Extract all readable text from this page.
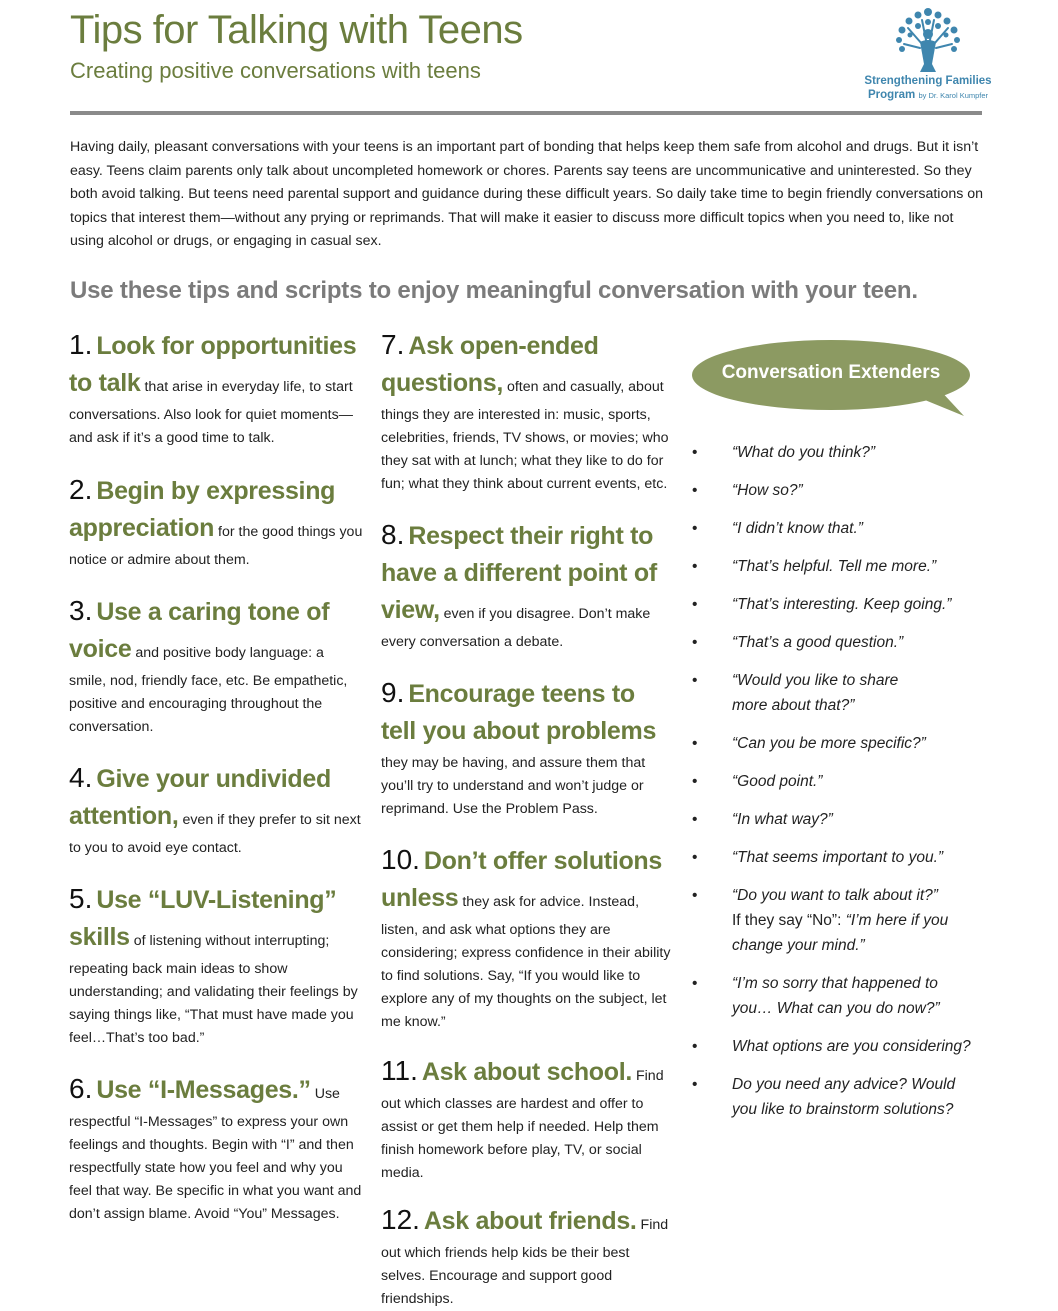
Tips for Talking with Teens
Creating positive conversations with teens	Strengthening Families
Program by Dr. Karol Kumpfer
Having daily, pleasant conversations with your teens is an important part of bonding that helps keep them safe from alcohol and drugs. But it isn’t easy. Teens claim parents only talk about uncompleted homework or chores. Parents say teens are uncommunicative and uninterested. So they both avoid talking. But teens need parental support and guidance during these difficult years. So daily take time to begin friendly conversations on topics that interest them—without any prying or reprimands. That will make it easier to discuss more difficult topics when you need to, like not using alcohol or drugs, or engaging in casual sex.
Use these tips and scripts to enjoy meaningful conversation with your teen.
1. Look for opportunities to talk that arise in everyday life, to start conversations. Also look for quiet moments—and ask if it’s a good time to talk.
2. Begin by expressing appreciation for the good things you notice or admire about them.
3. Use a caring tone of voice and positive body language: a smile, nod, friendly face, etc. Be empathetic, positive and encouraging throughout the conversation.
4. Give your undivided attention, even if they prefer to sit next to you to avoid eye contact.
5. Use “LUV-Listening” skills of listening without interrupting; repeating back main ideas to show understanding; and validating their feelings by saying things like, “That must have made you feel…That’s too bad.”
6. Use “I-Messages.” Use respectful “I-Messages” to express your own feelings and thoughts. Begin with “I” and then respectfully state how you feel and why you feel that way. Be specific in what you want and don’t assign blame. Avoid “You” Messages.
7. Ask open-ended questions, often and casually, about things they are interested in: music, sports, celebrities, friends, TV shows, or movies; who they sat with at lunch; what they like to do for fun; what they think about current events, etc.
8. Respect their right to have a different point of view, even if you disagree. Don’t make every conversation a debate.
9. Encourage teens to tell you about problems they may be having, and assure them that you’ll try to understand and won’t judge or reprimand. Use the Problem Pass.
10. Don’t offer solutions unless they ask for advice. Instead, listen, and ask what options they are considering; express confidence in their ability to find solutions. Say, “If you would like to explore any of my thoughts on the subject, let me know.”
11. Ask about school. Find out which classes are hardest and offer to assist or get them help if needed. Help them finish homework before play, TV, or social media.
12. Ask about friends. Find out which friends help kids be their best selves. Encourage and support good friendships.
Conversation Extenders
• “What do you think?”
• “How so?”
• “I didn’t know that.”
• “That’s helpful. Tell me more.”
• “That’s interesting. Keep going.”
• “That’s a good question.”
• “Would you like to share more about that?”
• “Can you be more specific?”
• “Good point.”
• “In what way?”
• “That seems important to you.”
• “Do you want to talk about it?”
If they say “No”: “I’m here if you change your mind.”
• “I’m so sorry that happened to you… What can you do now?”
• What options are you considering?
• Do you need any advice? Would you like to brainstorm solutions?
